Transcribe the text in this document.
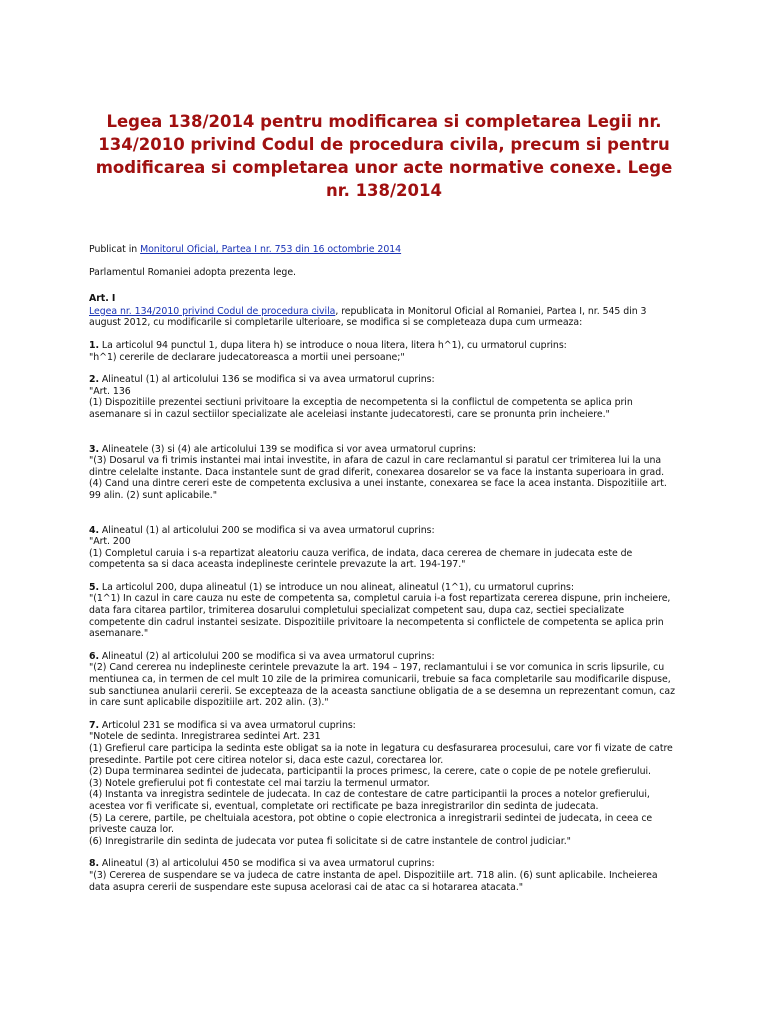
Legea 138/2014 pentru modificarea si completarea Legii nr. 134/2010 privind Codul de procedura civila, precum si pentru modificarea si completarea unor acte normative conexe. Lege nr. 138/2014

Publicat in Monitorul Oficial, Partea I nr. 753 din 16 octombrie 2014

Parlamentul Romaniei adopta prezenta lege.

Art. I

Legea nr. 134/2010 privind Codul de procedura civila, republicata in Monitorul Oficial al Romaniei, Partea I, nr. 545 din 3 august 2012, cu modificarile si completarile ulterioare, se modifica si se completeaza dupa cum urmeaza:

1. La articolul 94 punctul 1, dupa litera h) se introduce o noua litera, litera h^1), cu urmatorul cuprins:
"h^1) cererile de declarare judecatoreasca a mortii unei persoane;"

2. Alineatul (1) al articolului 136 se modifica si va avea urmatorul cuprins:
"Art. 136
(1) Dispozitiile prezentei sectiuni privitoare la exceptia de necompetenta si la conflictul de competenta se aplica prin asemanare si in cazul sectiilor specializate ale aceleiasi instante judecatoresti, care se pronunta prin incheiere."

3. Alineatele (3) si (4) ale articolului 139 se modifica si vor avea urmatorul cuprins:
"(3) Dosarul va fi trimis instantei mai intai investite, in afara de cazul in care reclamantul si paratul cer trimiterea lui la una dintre celelalte instante. Daca instantele sunt de grad diferit, conexarea dosarelor se va face la instanta superioara in grad.
(4) Cand una dintre cereri este de competenta exclusiva a unei instante, conexarea se face la acea instanta. Dispozitiile art. 99 alin. (2) sunt aplicabile."

4. Alineatul (1) al articolului 200 se modifica si va avea urmatorul cuprins:
"Art. 200
(1) Completul caruia i s-a repartizat aleatoriu cauza verifica, de indata, daca cererea de chemare in judecata este de competenta sa si daca aceasta indeplineste cerintele prevazute la art. 194-197."

5. La articolul 200, dupa alineatul (1) se introduce un nou alineat, alineatul (1^1), cu urmatorul cuprins:
"(1^1) In cazul in care cauza nu este de competenta sa, completul caruia i-a fost repartizata cererea dispune, prin incheiere, data fara citarea partilor, trimiterea dosarului completului specializat competent sau, dupa caz, sectiei specializate competente din cadrul instantei sesizate. Dispozitiile privitoare la necompetenta si conflictele de competenta se aplica prin asemanare."

6. Alineatul (2) al articolului 200 se modifica si va avea urmatorul cuprins:
"(2) Cand cererea nu indeplineste cerintele prevazute la art. 194 – 197, reclamantului i se vor comunica in scris lipsurile, cu mentiunea ca, in termen de cel mult 10 zile de la primirea comunicarii, trebuie sa faca completarile sau modificarile dispuse, sub sanctiunea anularii cererii. Se excepteaza de la aceasta sanctiune obligatia de a se desemna un reprezentant comun, caz in care sunt aplicabile dispozitiile art. 202 alin. (3)."

7. Articolul 231 se modifica si va avea urmatorul cuprins:
"Notele de sedinta. Inregistrarea sedintei Art. 231
(1) Grefierul care participa la sedinta este obligat sa ia note in legatura cu desfasurarea procesului, care vor fi vizate de catre presedinte. Partile pot cere citirea notelor si, daca este cazul, corectarea lor.
(2) Dupa terminarea sedintei de judecata, participantii la proces primesc, la cerere, cate o copie de pe notele grefierului.
(3) Notele grefierului pot fi contestate cel mai tarziu la termenul urmator.
(4) Instanta va inregistra sedintele de judecata. In caz de contestare de catre participantii la proces a notelor grefierului, acestea vor fi verificate si, eventual, completate ori rectificate pe baza inregistrarilor din sedinta de judecata.
(5) La cerere, partile, pe cheltuiala acestora, pot obtine o copie electronica a inregistrarii sedintei de judecata, in ceea ce priveste cauza lor.
(6) Inregistrarile din sedinta de judecata vor putea fi solicitate si de catre instantele de control judiciar."

8. Alineatul (3) al articolului 450 se modifica si va avea urmatorul cuprins:
"(3) Cererea de suspendare se va judeca de catre instanta de apel. Dispozitiile art. 718 alin. (6) sunt aplicabile. Incheierea data asupra cererii de suspendare este supusa acelorasi cai de atac ca si hotararea atacata."
